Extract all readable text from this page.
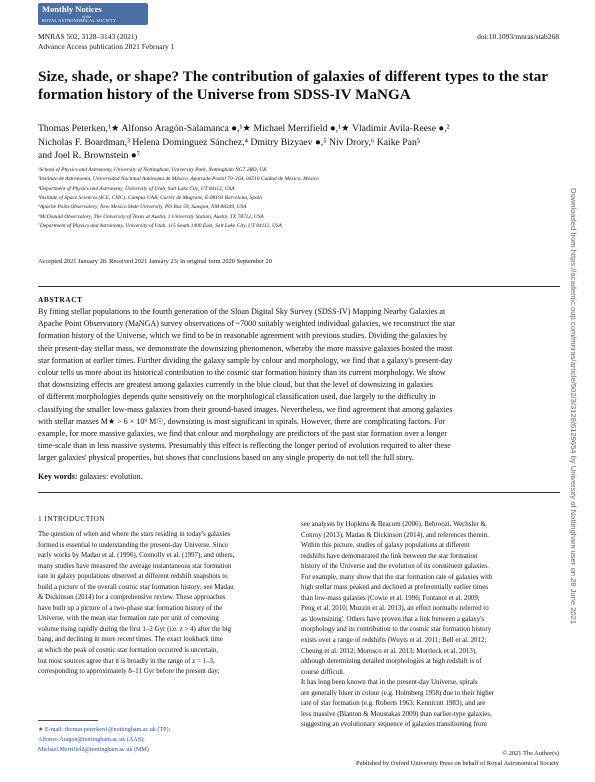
Monthly Notices
of the
ROYAL ASTRONOMICAL SOCIETY
MNRAS 502, 3128–3143 (2021)
Advance Access publication 2021 February 1
doi:10.1093/mnras/stab268
Size, shade, or shape? The contribution of galaxies of different types to the star formation history of the Universe from SDSS-IV MaNGA
Thomas Peterken,¹★ Alfonso Aragón-Salamanca ●,¹★ Michael Merrifield ●,¹★ Vladimir Avila-Reese ●,²
Nicholas F. Boardman,³ Helena Domínguez Sánchez,⁴ Dmitry Bizyaev ●,⁵ Niv Drory,⁶ Kaike Pan⁵
and Joel R. Brownstein ●⁷
¹School of Physics and Astronomy, University of Nottingham, University Park, Nottingham NG7 2RD, UK
²Instituto de Astronomía, Universidad Nacional Autónoma de México, Apartado Postal 70–264, 04510 Cuidad de México, Mexico
³Department of Physics and Astronomy, University of Utah, Salt Lake City, UT 84112, USA
⁴Institute of Space Sciences (ICE, CSIC), Campus UAB, Carrer de Magrans, E-08193 Barcelona, Spain
⁵Apache Point Observatory, New Mexico State University, PO Box 59, Sunspot, NM 88349, USA
⁶McDonald Observatory, The University of Texas at Austin, 1 University Station, Austin, TX 78712, USA
⁷Department of Physics and Astronomy, University of Utah, 115 South 1400 East, Salt Lake City, UT 84112, USA
Accepted 2021 January 28. Received 2021 January 23; in original form 2020 September 20
ABSTRACT
By fitting stellar populations to the fourth generation of the Sloan Digital Sky Survey (SDSS-IV) Mapping Nearby Galaxies at
Apache Point Observatory (MaNGA) survey observations of ~7000 suitably weighted individual galaxies, we reconstruct the star
formation history of the Universe, which we find to be in reasonable agreement with previous studies. Dividing the galaxies by
their present-day stellar mass, we demonstrate the downsizing phenomenon, whereby the more massive galaxies hosted the most
star formation at earlier times. Further dividing the galaxy sample by colour and morphology, we find that a galaxy's present-day
colour tells us more about its historical contribution to the cosmic star formation history than its current morphology. We show
that downsizing effects are greatest among galaxies currently in the blue cloud, but that the level of downsizing in galaxies
of different morphologies depends quite sensitively on the morphological classification used, due largely to the difficulty in
classifying the smaller low-mass galaxies from their ground-based images. Nevertheless, we find agreement that among galaxies
with stellar masses M★ > 6 × 10⁹ M☉, downsizing is most significant in spirals. However, there are complicating factors. For
example, for more massive galaxies, we find that colour and morphology are predictors of the past star formation over a longer
time-scale than in less massive systems. Presumably this effect is reflecting the longer period of evolution required to alter these
larger galaxies' physical properties, but shows that conclusions based on any single property do not tell the full story.
Key words: galaxies: evolution.
1 INTRODUCTION
The question of when and where the stars residing in today's galaxies
formed is essential to understanding the present-day Universe. Since
early works by Madau et al. (1996), Connolly et al. (1997), and others,
many studies have measured the average instantaneous star formation
rate in galaxy populations observed at different redshift snapshots to
build a picture of the overall cosmic star formation history; see Madau
& Dickinson (2014) for a comprehensive review. These approaches
have built up a picture of a two-phase star formation history of the
Universe, with the mean star formation rate per unit of comoving
volume rising rapidly during the first 1–2 Gyr (i.e. z > 4) after the big
bang, and declining in more recent times. The exact lookback time
at which the peak of cosmic star formation occurred is uncertain,
but most sources agree that it is broadly in the range of z = 1–3,
corresponding to approximately 8–11 Gyr before the present day;
★ E-mail: thomas.peterken1@nottingham.ac.uk (TP);
Alfonso.Aragon@nottingham.ac.uk (AAS);
Michael.Merrifield@nottingham.ac.uk (MM)
see analyses by Hopkins & Beacom (2006), Behroozi, Wechsler &
Conroy (2013), Madau & Dickinson (2014), and references therein.
Within this picture, studies of galaxy populations at different
redshifts have demonstrated the link between the star formation
history of the Universe and the evolution of its constituent galaxies.
For example, many show that the star formation rate of galaxies with
high stellar mass peaked and declined at preferentially earlier times
than low-mass galaxies (Cowie et al. 1996; Fontanot et al. 2009;
Peng et al. 2010; Muzzin et al. 2013), an effect normally referred to
as 'downsizing'. Others have proven that a link between a galaxy's
morphology and its contribution to the cosmic star formation history
exists over a range of redshifts (Wuyts et al. 2011; Bell et al. 2012;
Cheung et al. 2012; Morosco et al. 2013; Mortlock et al. 2013),
although determining detailed morphologies at high redshift is of
course difficult.
It has long been known that in the present-day Universe, spirals
are generally bluer in colour (e.g. Holmberg 1958) due to their higher
rate of star formation (e.g. Roberts 1963; Kennicutt 1983), and are
less massive (Blanton & Moustakas 2009) than earlier-type galaxies,
suggesting an evolutionary sequence of galaxies transitioning from
© 2021 The Author(s)
Published by Oxford University Press on behalf of Royal Astronomical Society
Downloaded from https://academic.oup.com/mnras/article/502/3/3128/6129654 by University of Nottingham user on 28 June 2021
